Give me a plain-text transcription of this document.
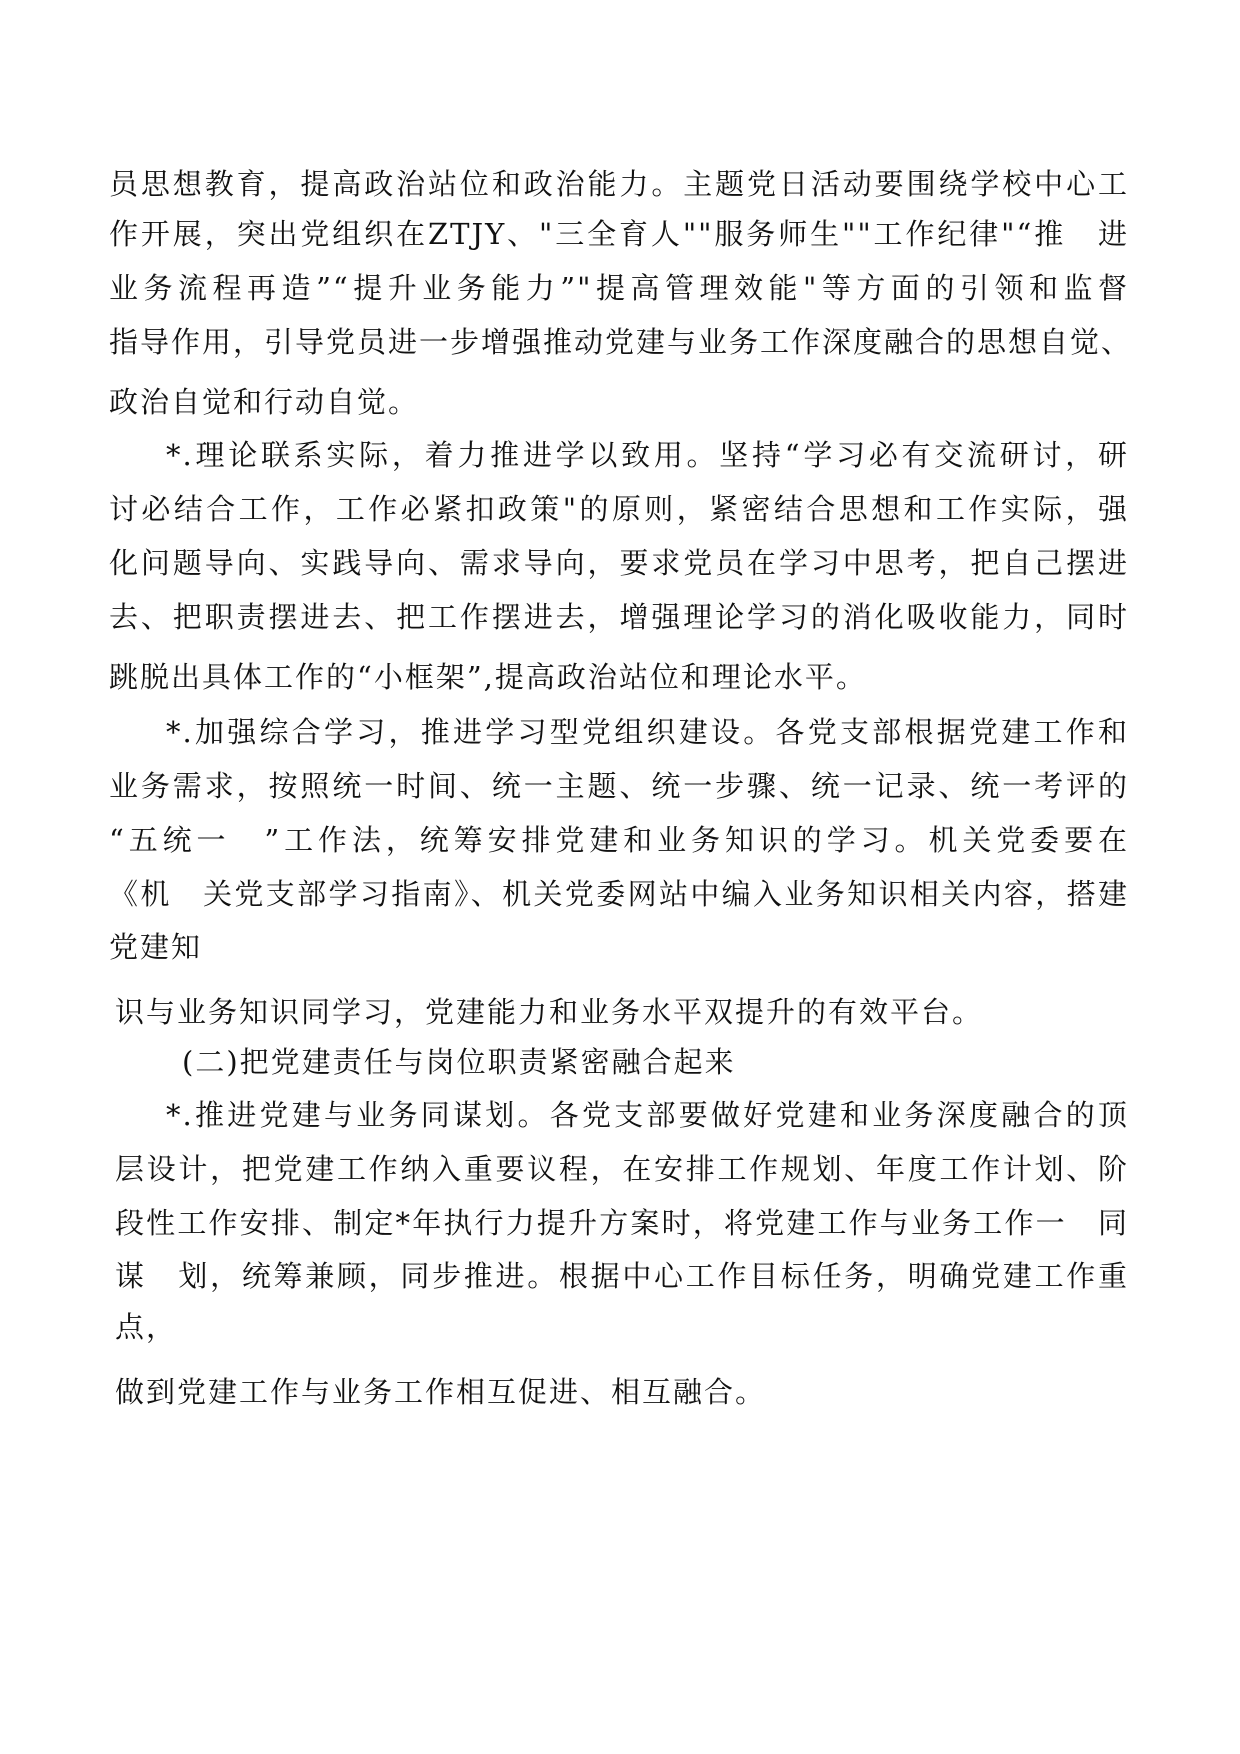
员思想教育，提高政治站位和政治能力。主题党日活动要围绕学校中心工
作开展，突出党组织在ZTJY、"三全育人""服务师生""工作纪律"“推　进
业务流程再造”“提升业务能力”"提高管理效能"等方面的引领和监督
指导作用，引导党员进一步增强推动党建与业务工作深度融合的思想自觉、
政治自觉和行动自觉。
*.理论联系实际，着力推进学以致用。坚持“学习必有交流研讨，研
讨必结合工作，工作必紧扣政策"的原则，紧密结合思想和工作实际，强
化问题导向、实践导向、需求导向，要求党员在学习中思考，把自己摆进
去、把职责摆进去、把工作摆进去，增强理论学习的消化吸收能力，同时
跳脱出具体工作的“小框架”,提高政治站位和理论水平。
*.加强综合学习，推进学习型党组织建设。各党支部根据党建工作和
业务需求，按照统一时间、统一主题、统一步骤、统一记录、统一考评的
“五统一　”工作法，统筹安排党建和业务知识的学习。机关党委要在
《机　关党支部学习指南》、机关党委网站中编入业务知识相关内容，搭建
党建知
识与业务知识同学习，党建能力和业务水平双提升的有效平台。
(二)把党建责任与岗位职责紧密融合起来
*.推进党建与业务同谋划。各党支部要做好党建和业务深度融合的顶
层设计，把党建工作纳入重要议程，在安排工作规划、年度工作计划、阶
段性工作安排、制定*年执行力提升方案时，将党建工作与业务工作一　同
谋　划，统筹兼顾，同步推进。根据中心工作目标任务，明确党建工作重
点，
做到党建工作与业务工作相互促进、相互融合。
